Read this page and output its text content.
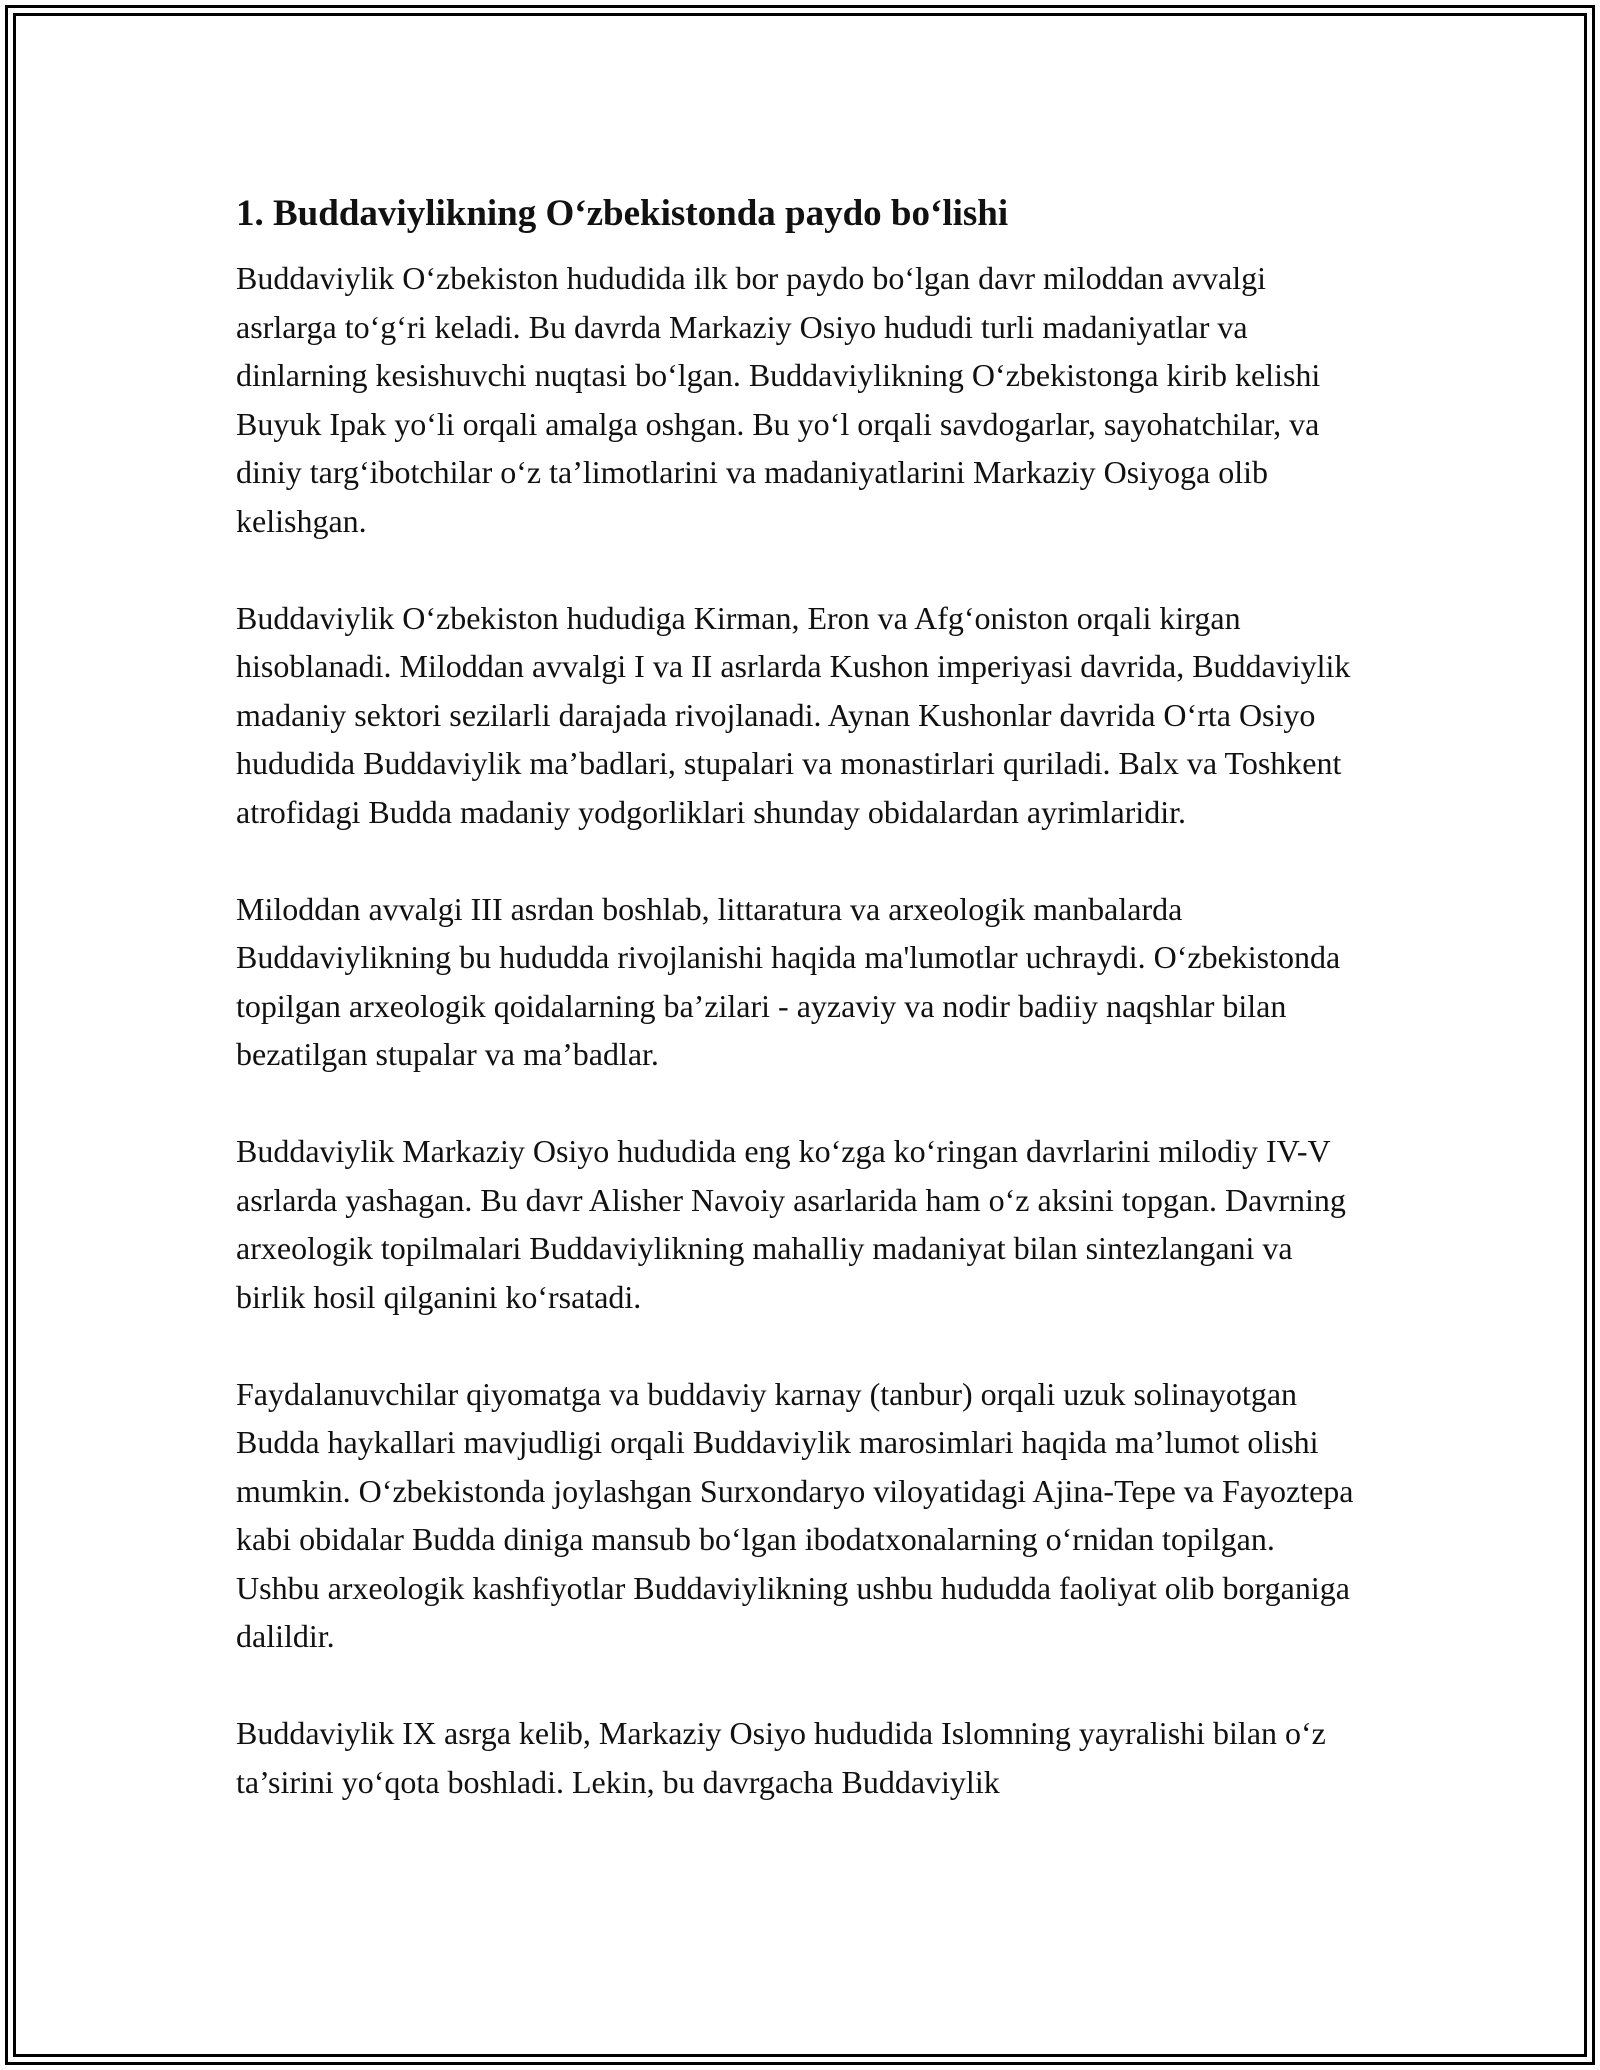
1. Buddaviylikning O‘zbekistonda paydo bo‘lishi

Buddaviylik O‘zbekiston hududida ilk bor paydo bo‘lgan davr miloddan avvalgi asrlarga to‘g‘ri keladi. Bu davrda Markaziy Osiyo hududi turli madaniyatlar va dinlarning kesishuvchi nuqtasi bo‘lgan. Buddaviylikning O‘zbekistonga kirib kelishi Buyuk Ipak yo‘li orqali amalga oshgan. Bu yo‘l orqali savdogarlar, sayohatchilar, va diniy targ‘ibotchilar o‘z ta’limotlarini va madaniyatlarini Markaziy Osiyoga olib kelishgan.

Buddaviylik O‘zbekiston hududiga Kirman, Eron va Afg‘oniston orqali kirgan hisoblanadi. Miloddan avvalgi I va II asrlarda Kushon imperiyasi davrida, Buddaviylik madaniy sektori sezilarli darajada rivojlanadi. Aynan Kushonlar davrida O‘rta Osiyo hududida Buddaviylik ma’badlari, stupalari va monastirlari quriladi. Balx va Toshkent atrofidagi Budda madaniy yodgorliklari shunday obidalardan ayrimlaridir.

Miloddan avvalgi III asrdan boshlab, littaratura va arxeologik manbalarda Buddaviylikning bu hududda rivojlanishi haqida ma'lumotlar uchraydi. O‘zbekistonda topilgan arxeologik qoidalarning ba’zilari - ayzaviy va nodir badiiy naqshlar bilan bezatilgan stupalar va ma’badlar.

Buddaviylik Markaziy Osiyo hududida eng ko‘zga ko‘ringan davrlarini milodiy IV-V asrlarda yashagan. Bu davr Alisher Navoiy asarlarida ham o‘z aksini topgan. Davrning arxeologik topilmalari Buddaviylikning mahalliy madaniyat bilan sintezlangani va birlik hosil qilganini ko‘rsatadi.

Faydalanuvchilar qiyomatga va buddaviy karnay (tanbur) orqali uzuk solinayotgan Budda haykallari mavjudligi orqali Buddaviylik marosimlari haqida ma’lumot olishi mumkin. O‘zbekistonda joylashgan Surxondaryo viloyatidagi Ajina-Tepe va Fayoztepa kabi obidalar Budda diniga mansub bo‘lgan ibodatxonalarning o‘rnidan topilgan. Ushbu arxeologik kashfiyotlar Buddaviylikning ushbu hududda faoliyat olib borganiga dalildir.

Buddaviylik IX asrga kelib, Markaziy Osiyo hududida Islomning yayralishi bilan o‘z ta’sirini yo‘qota boshladi. Lekin, bu davrgacha Buddaviylik
